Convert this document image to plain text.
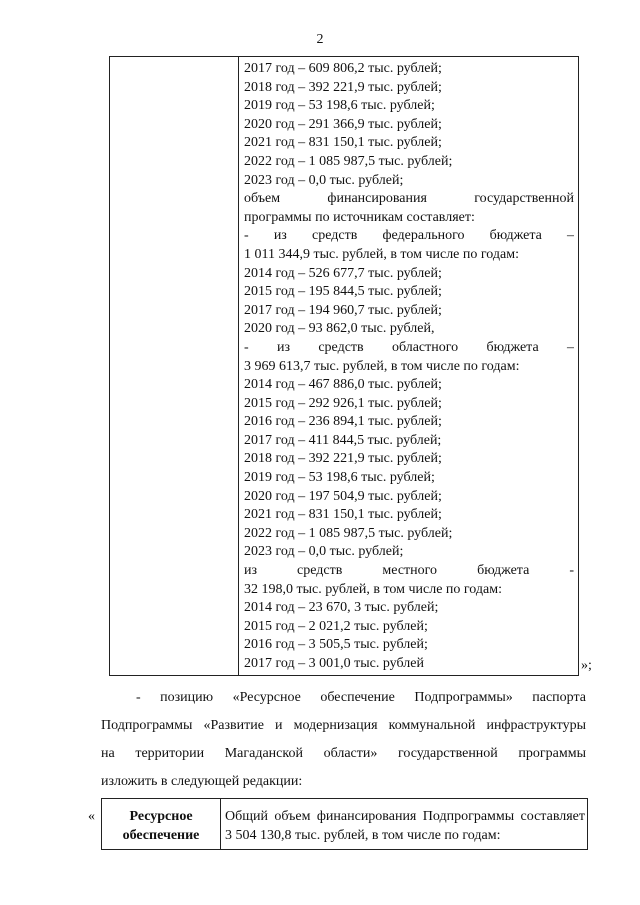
2
2017 год – 609 806,2 тыс. рублей;
2018 год – 392 221,9 тыс. рублей;
2019 год – 53 198,6 тыс. рублей;
2020 год – 291 366,9 тыс. рублей;
2021 год – 831 150,1 тыс. рублей;
2022 год – 1 085 987,5 тыс. рублей;
2023 год – 0,0 тыс. рублей;
объем финансирования государственной
программы по источникам составляет:
- из средств федерального бюджета –
1 011 344,9 тыс. рублей, в том числе по годам:
2014 год – 526 677,7 тыс. рублей;
2015 год – 195 844,5 тыс. рублей;
2017 год – 194 960,7 тыс. рублей;
2020 год – 93 862,0 тыс. рублей,
- из средств областного бюджета –
3 969 613,7 тыс. рублей, в том числе по годам:
2014 год – 467 886,0 тыс. рублей;
2015 год – 292 926,1 тыс. рублей;
2016 год – 236 894,1 тыс. рублей;
2017 год – 411 844,5 тыс. рублей;
2018 год – 392 221,9 тыс. рублей;
2019 год – 53 198,6 тыс. рублей;
2020 год – 197 504,9 тыс. рублей;
2021 год – 831 150,1 тыс. рублей;
2022 год – 1 085 987,5 тыс. рублей;
2023 год – 0,0 тыс. рублей;
из средств местного бюджета -
32 198,0 тыс. рублей, в том числе по годам:
2014 год – 23 670, 3 тыс. рублей;
2015 год – 2 021,2 тыс. рублей;
2016 год – 3 505,5 тыс. рублей;
2017 год – 3 001,0 тыс. рублей	»;
- позицию «Ресурсное обеспечение Подпрограммы» паспорта
Подпрограммы «Развитие и модернизация коммунальной инфраструктуры
на территории Магаданской области» государственной программы
изложить в следующей редакции:
«	Ресурсное
обеспечение
Общий объем финансирования Подпрограммы составляет
3 504 130,8 тыс. рублей, в том числе по годам:
